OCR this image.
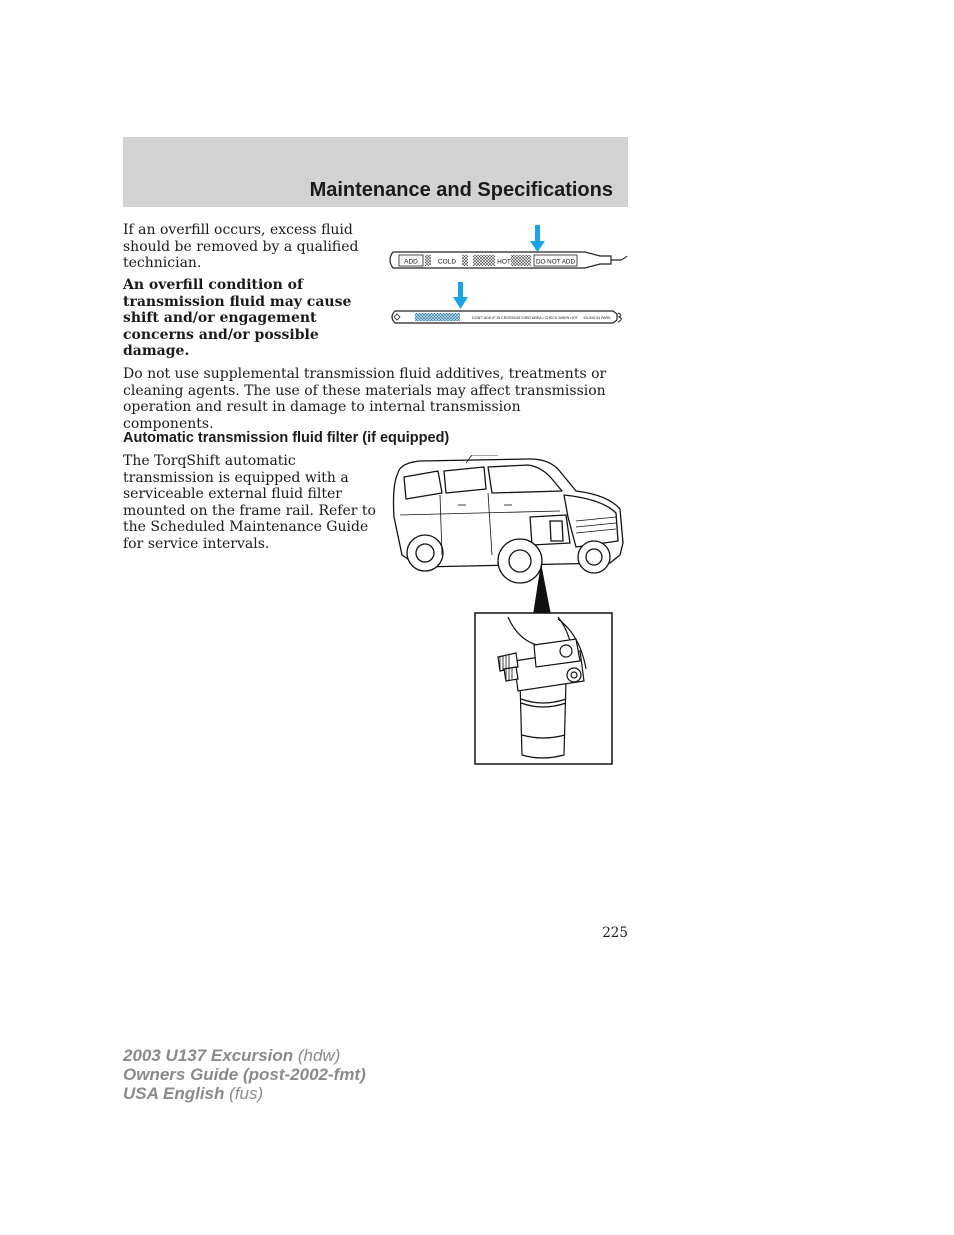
Maintenance and Specifications

If an overfill occurs, excess fluid should be removed by a qualified technician.

An overfill condition of transmission fluid may cause shift and/or engagement concerns and/or possible damage.

ADD	COLD	HOT	DO NOT ADD
DON'T ADD IF IN CROSSHATCHED AREA • CHECK WHEN HOT IDLING IN PARK

Do not use supplemental transmission fluid additives, treatments or cleaning agents. The use of these materials may affect transmission operation and result in damage to internal transmission components.

Automatic transmission fluid filter (if equipped)

The TorqShift automatic transmission is equipped with a serviceable external fluid filter mounted on the frame rail. Refer to the Scheduled Maintenance Guide for service intervals.

225
2003 U137 Excursion (hdw)
Owners Guide (post-2002-fmt)
USA English (fus)
